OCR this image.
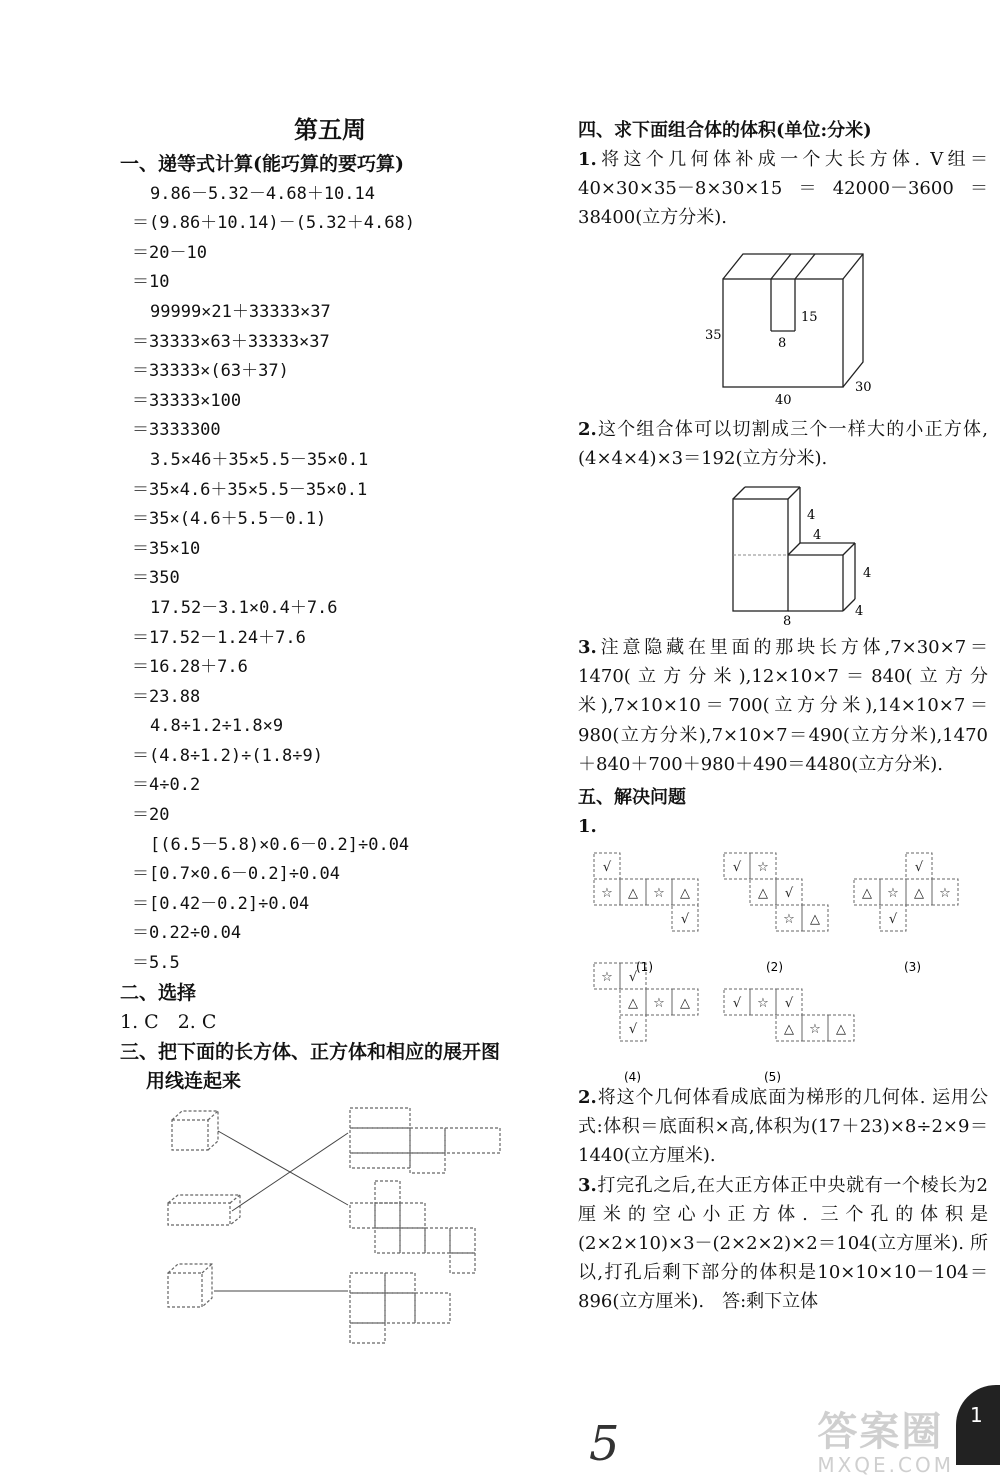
第五周
一、递等式计算(能巧算的要巧算)
9.86－5.32－4.68＋10.14
＝(9.86＋10.14)－(5.32＋4.68)
＝20－10
＝10
99999×21＋33333×37
＝33333×63＋33333×37
＝33333×(63＋37)
＝33333×100
＝3333300
3.5×46＋35×5.5－35×0.1
＝35×4.6＋35×5.5－35×0.1
＝35×(4.6＋5.5－0.1)
＝35×10
＝350
17.52－3.1×0.4＋7.6
＝17.52－1.24＋7.6
＝16.28＋7.6
＝23.88
4.8÷1.2÷1.8×9
＝(4.8÷1.2)÷(1.8÷9)
＝4÷0.2
＝20
[(6.5－5.8)×0.6－0.2]÷0.04
＝[0.7×0.6－0.2]÷0.04
＝[0.42－0.2]÷0.04
＝0.22÷0.04
＝5.5
二、选择
1. C　2. C
三、把下面的长方体、正方体和相应的展开图
用线连起来
四、求下面组合体的体积(单位:分米)
1.将这个几何体补成一个大长方体. V组＝40×30×35－8×30×15＝42000－3600＝38400(立方分米).
15
8
35
30
40
2.这个组合体可以切割成三个一样大的小正方体,(4×4×4)×3＝192(立方分米).
4
4
4
4
8
3.注意隐藏在里面的那块长方体,7×30×7＝1470(立方分米),12×10×7＝840(立方分米),7×10×10＝700(立方分米),14×10×7＝980(立方分米),7×10×7＝490(立方分米),1470＋840＋700＋980＋490＝4480(立方分米).
五、解决问题
1.
√
☆ △ ☆ △
√
√ ☆
△ √
☆ △
√
△ ☆ △ ☆
√
☆ √
△ ☆ △
√
√ ☆ √
△ ☆ △
(1)	(2)	(3)
(4)	(5)
2.将这个几何体看成底面为梯形的几何体. 运用公式:体积＝底面积×高,体积为(17＋23)×8÷2×9＝1440(立方厘米).
3.打完孔之后,在大正方体正中央就有一个棱长为2厘米的空心小正方体. 三个孔的体积是(2×2×10)×3－(2×2×2)×2＝104(立方厘米). 所以,打孔后剩下部分的体积是10×10×10－104＝896(立方厘米).　答:剩下立体
答案圈
MXQE.COM
1
5
